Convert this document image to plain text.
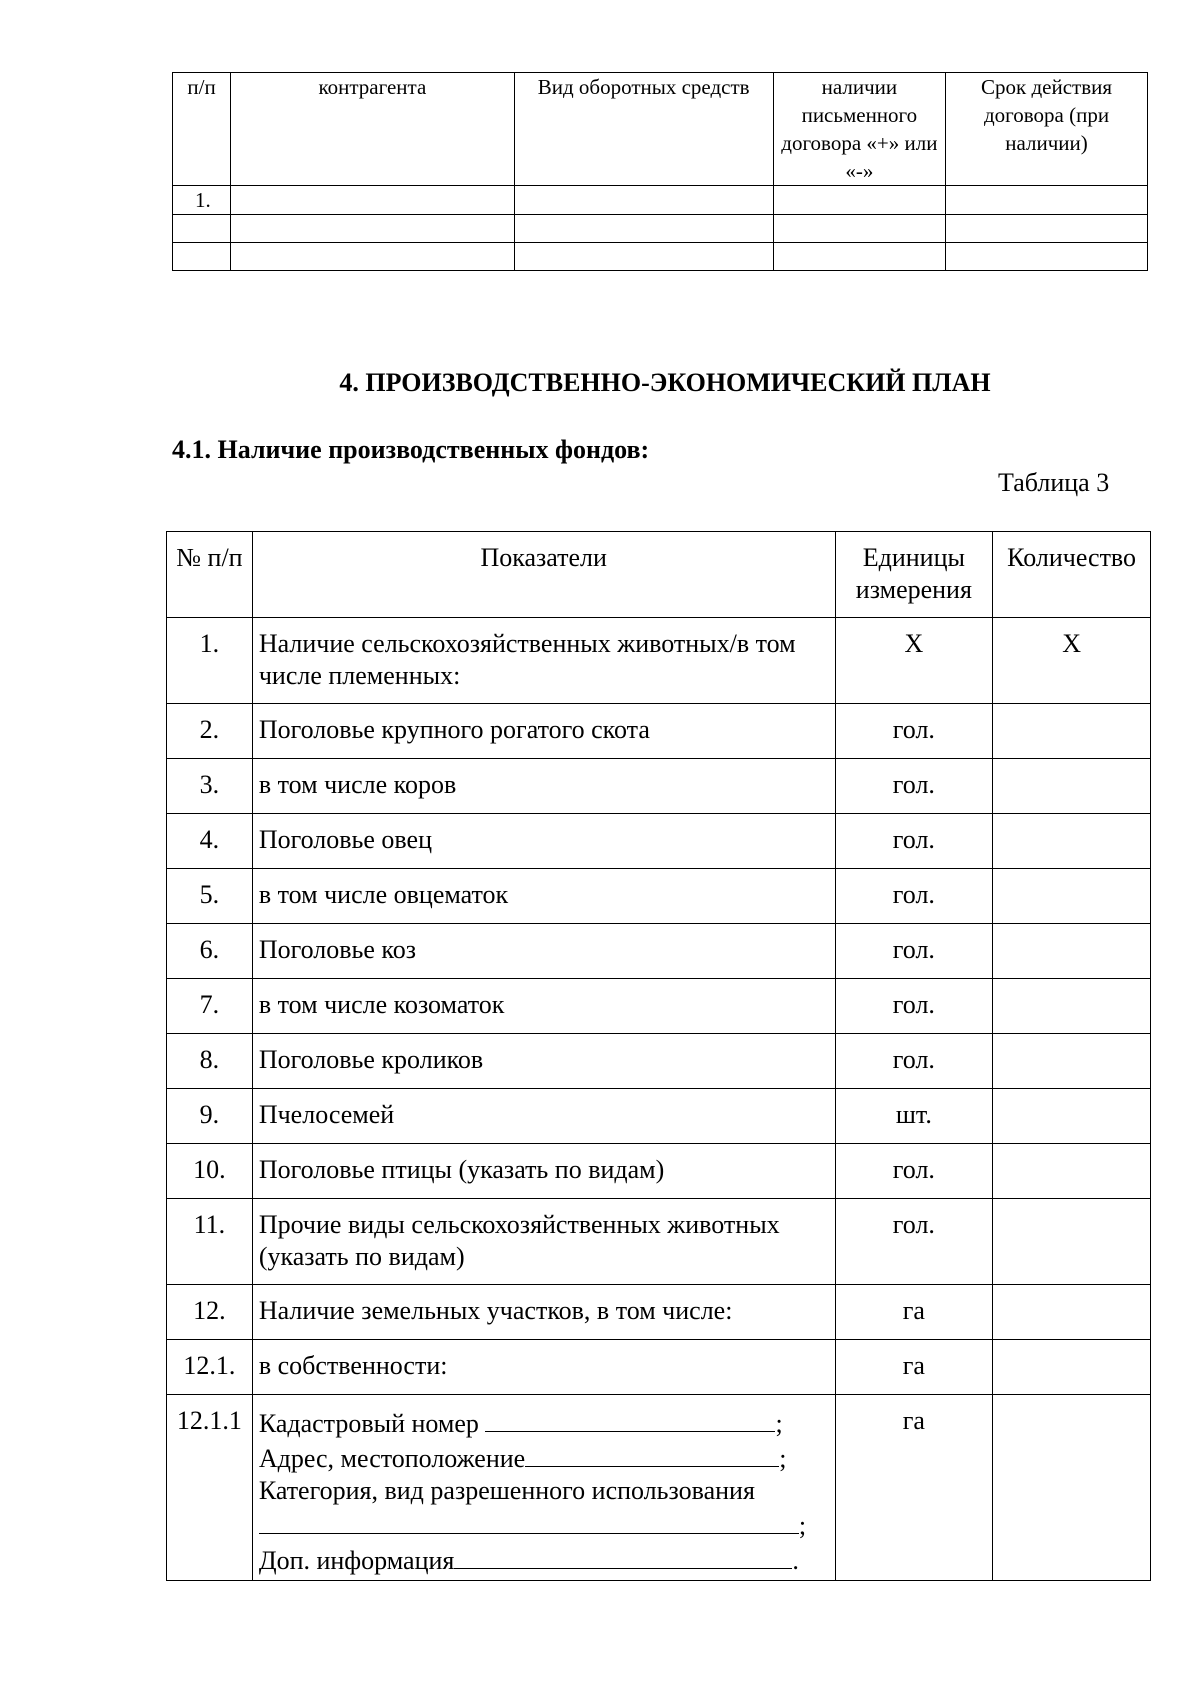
п/п	контрагента	Вид оборотных средств	наличии письменного договора «+» или «-»	Срок действия договора (при наличии)
1.				

4. ПРОИЗВОДСТВЕННО-ЭКОНОМИЧЕСКИЙ ПЛАН
4.1. Наличие производственных фондов:
Таблица 3
№ п/п	Показатели	Единицы измерения	Количество
1.	Наличие сельскохозяйственных животных/в том числе племенных:	Х	Х
2.	Поголовье крупного рогатого скота	гол.	
3.	в том числе коров	гол.	
4.	Поголовье овец	гол.	
5.	в том числе овцематок	гол.	
6.	Поголовье коз	гол.	
7.	в том числе козоматок	гол.	
8.	Поголовье кроликов	гол.	
9.	Пчелосемей	шт.	
10.	Поголовье птицы (указать по видам)	гол.	
11.	Прочие виды сельскохозяйственных животных (указать по видам)	гол.	
12.	Наличие земельных участков, в том числе:	га	
12.1.	в собственности:	га	
12.1.1	Кадастровый номер ;
Адрес, местоположение ;
Категория, вид разрешенного использования
;
Доп. информация .	га	
